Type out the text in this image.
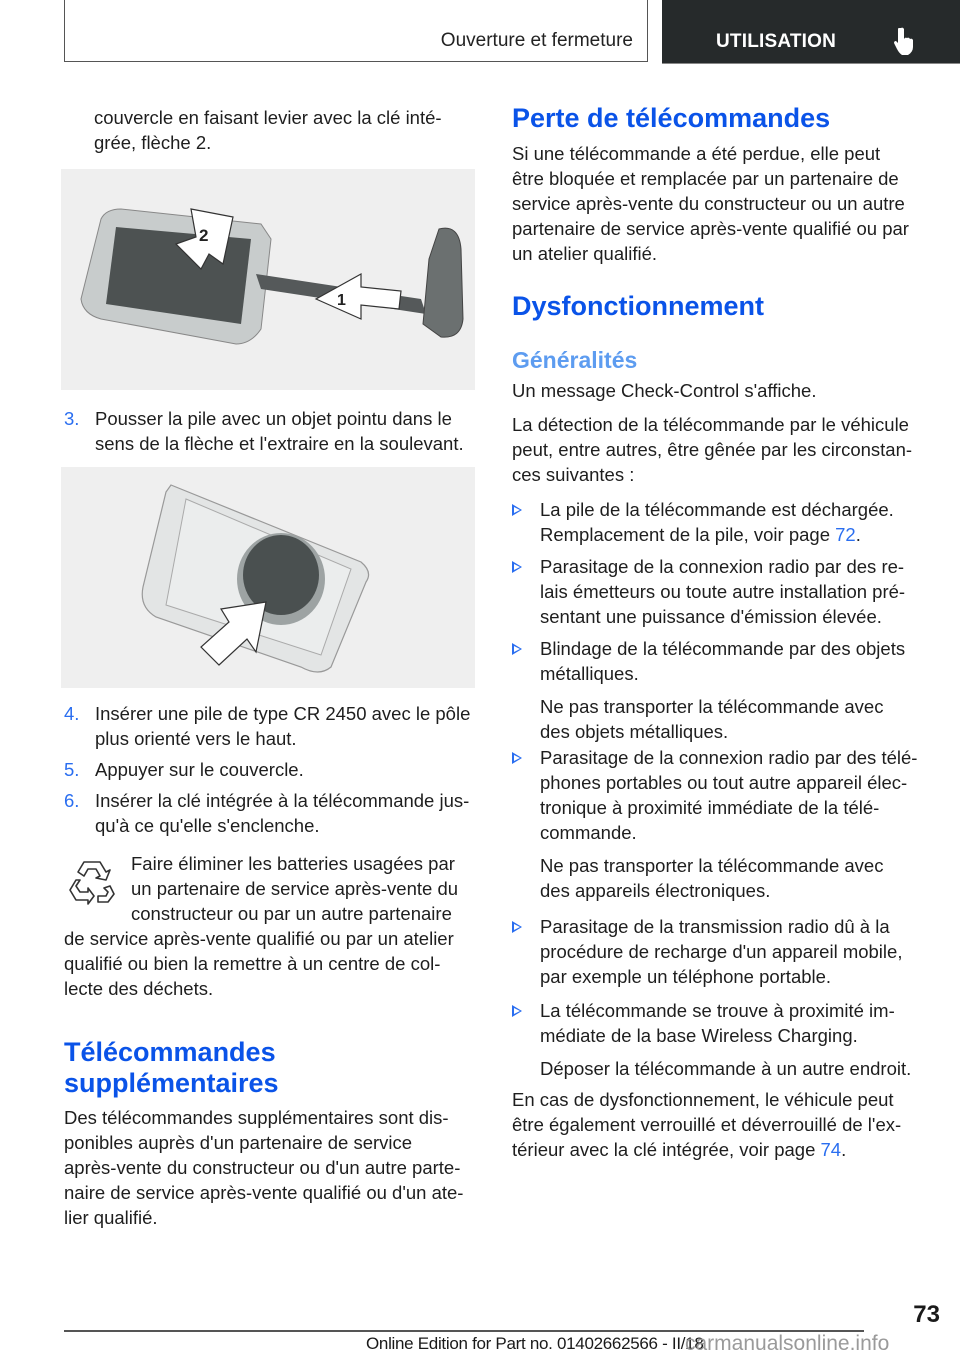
Ouverture et fermeture	UTILISATION
couvercle en faisant levier avec la clé inté-
grée, flèche 2.
2
1
3. Pousser la pile avec un objet pointu dans le
sens de la flèche et l'extraire en la soulevant.
4. Insérer une pile de type CR 2450 avec le pôle
plus orienté vers le haut.
5. Appuyer sur le couvercle.
6. Insérer la clé intégrée à la télécommande jus-
qu'à ce qu'elle s'enclenche.
Faire éliminer les batteries usagées par
un partenaire de service après-vente du
constructeur ou par un autre partenaire
de service après-vente qualifié ou par un atelier
qualifié ou bien la remettre à un centre de col-
lecte des déchets.
Télécommandes
supplémentaires
Des télécommandes supplémentaires sont dis-
ponibles auprès d'un partenaire de service
après-vente du constructeur ou d'un autre parte-
naire de service après-vente qualifié ou d'un ate-
lier qualifié.
Perte de télécommandes
Si une télécommande a été perdue, elle peut
être bloquée et remplacée par un partenaire de
service après-vente du constructeur ou un autre
partenaire de service après-vente qualifié ou par
un atelier qualifié.
Dysfonctionnement
Généralités
Un message Check-Control s'affiche.
La détection de la télécommande par le véhicule
peut, entre autres, être gênée par les circonstan-
ces suivantes :
La pile de la télécommande est déchargée.
Remplacement de la pile, voir page 72.
Parasitage de la connexion radio par des re-
lais émetteurs ou toute autre installation pré-
sentant une puissance d'émission élevée.
Blindage de la télécommande par des objets
métalliques.
Ne pas transporter la télécommande avec
des objets métalliques.
Parasitage de la connexion radio par des télé-
phones portables ou tout autre appareil élec-
tronique à proximité immédiate de la télé-
commande.
Ne pas transporter la télécommande avec
des appareils électroniques.
Parasitage de la transmission radio dû à la
procédure de recharge d'un appareil mobile,
par exemple un téléphone portable.
La télécommande se trouve à proximité im-
médiate de la base Wireless Charging.
Déposer la télécommande à un autre endroit.
En cas de dysfonctionnement, le véhicule peut
être également verrouillé et déverrouillé de l'ex-
térieur avec la clé intégrée, voir page 74.
73
Online Edition for Part no. 01402662566 - II/18
carmanualsonline.info
